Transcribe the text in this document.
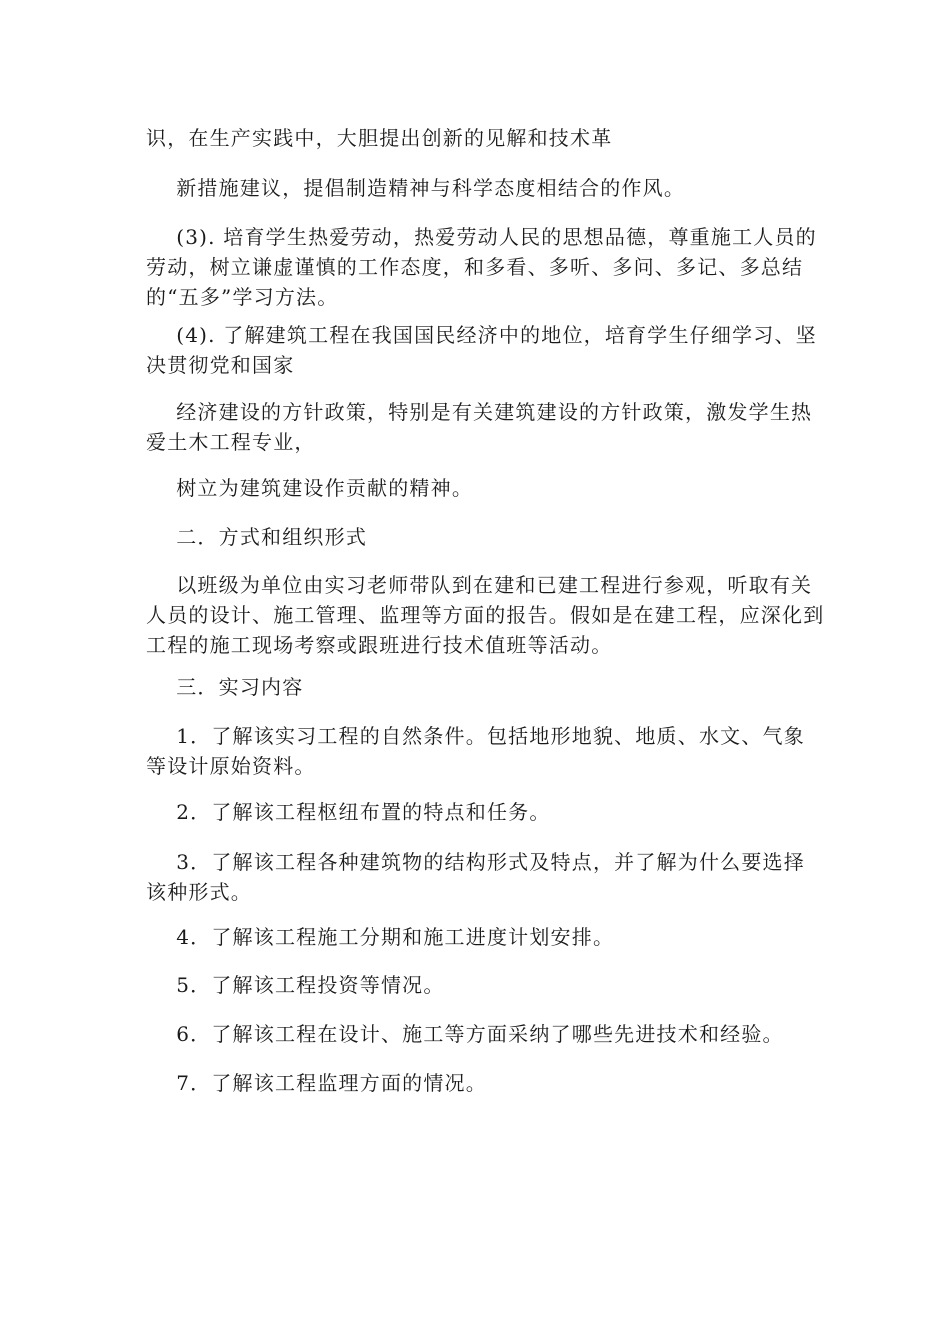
识，在生产实践中，大胆提出创新的见解和技术革

新措施建议，提倡制造精神与科学态度相结合的作风。

(3). 培育学生热爱劳动，热爱劳动人民的思想品德，尊重施工人员的劳动，树立谦虚谨慎的工作态度，和多看、多听、多问、多记、多总结的“五多”学习方法。

(4). 了解建筑工程在我国国民经济中的地位，培育学生仔细学习、坚决贯彻党和国家

经济建设的方针政策，特别是有关建筑建设的方针政策，激发学生热爱土木工程专业，

树立为建筑建设作贡献的精神。

二．方式和组织形式

以班级为单位由实习老师带队到在建和已建工程进行参观，听取有关人员的设计、施工管理、监理等方面的报告。假如是在建工程，应深化到工程的施工现场考察或跟班进行技术值班等活动。

三．实习内容

1．了解该实习工程的自然条件。包括地形地貌、地质、水文、气象等设计原始资料。

2．了解该工程枢纽布置的特点和任务。

3．了解该工程各种建筑物的结构形式及特点，并了解为什么要选择该种形式。

4．了解该工程施工分期和施工进度计划安排。

5．了解该工程投资等情况。

6．了解该工程在设计、施工等方面采纳了哪些先进技术和经验。

7．了解该工程监理方面的情况。
